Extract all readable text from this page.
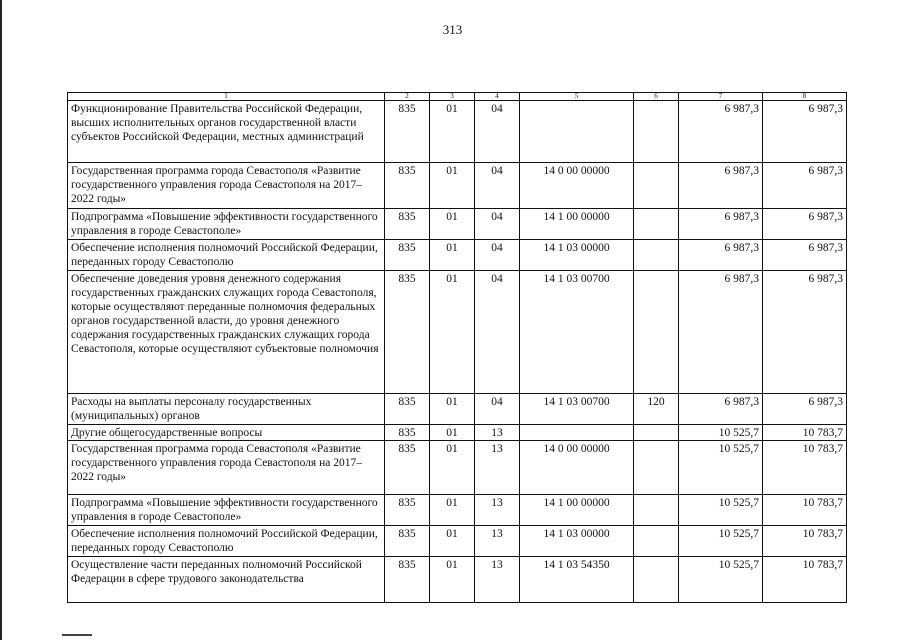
313
1	2	3	4	5	6	7	8
Функционирование Правительства Российской Федерации, высших исполнительных органов государственной власти субъектов Российской Федерации, местных администраций	835	01	04			6 987,3	6 987,3
Государственная программа города Севастополя «Развитие государственного управления города Севастополя на 2017–2022 годы»	835	01	04	14 0 00 00000		6 987,3	6 987,3
Подпрограмма «Повышение эффективности государственного управления в городе Севастополе»	835	01	04	14 1 00 00000		6 987,3	6 987,3
Обеспечение исполнения полномочий Российской Федерации, переданных городу Севастополю	835	01	04	14 1 03 00000		6 987,3	6 987,3
Обеспечение доведения уровня денежного содержания государственных гражданских служащих города Севастополя, которые осуществляют переданные полномочия федеральных органов государственной власти, до уровня денежного содержания государственных гражданских служащих города Севастополя, которые осуществляют субъектовые полномочия	835	01	04	14 1 03 00700		6 987,3	6 987,3
Расходы на выплаты персоналу государственных (муниципальных) органов	835	01	04	14 1 03 00700	120	6 987,3	6 987,3
Другие общегосударственные вопросы	835	01	13			10 525,7	10 783,7
Государственная программа города Севастополя «Развитие государственного управления города Севастополя на 2017–2022 годы»	835	01	13	14 0 00 00000		10 525,7	10 783,7
Подпрограмма «Повышение эффективности государственного управления в городе Севастополе»	835	01	13	14 1 00 00000		10 525,7	10 783,7
Обеспечение исполнения полномочий Российской Федерации, переданных городу Севастополю	835	01	13	14 1 03 00000		10 525,7	10 783,7
Осуществление части переданных полномочий Российской Федерации в сфере трудового законодательства	835	01	13	14 1 03 54350		10 525,7	10 783,7
